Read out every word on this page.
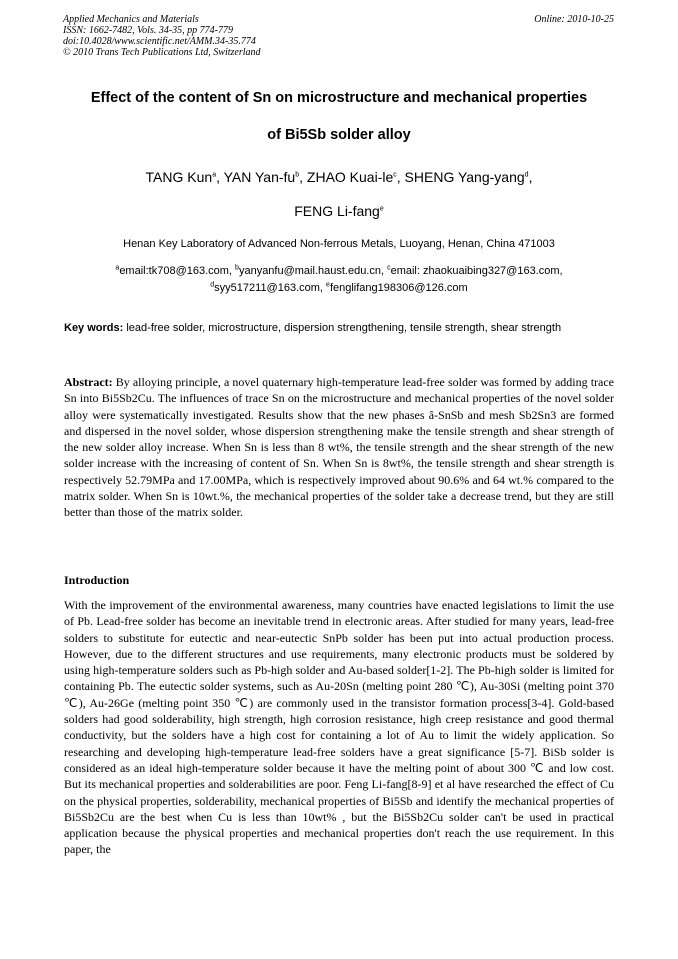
Applied Mechanics and Materials
ISSN: 1662-7482, Vols. 34-35, pp 774-779
doi:10.4028/www.scientific.net/AMM.34-35.774
© 2010 Trans Tech Publications Ltd, Switzerland
Online: 2010-10-25
Effect of the content of Sn on microstructure and mechanical properties
of Bi5Sb solder alloy
TANG Kun$^a$, YAN Yan-$fu^b$, ZHAO Kuai-$le^c$, SHENG Yang-yang$^d$,
FENG Li-fang$^e$
Henan Key Laboratory of Advanced Non-ferrous Metals, Luoyang, Henan, China 471003
$^a$email:tk708@163.com, $^b$yanyanfu@mail.haust.edu.cn, $^c$email: zhaokuaibing327@163.com,
$^d$syy517211@163.com, $^e$fenglifang198306@126.com
Key words: lead-free solder, microstructure, dispersion strengthening, tensile strength, shear strength
Abstract: By alloying principle, a novel quaternary high-temperature lead-free solder was formed by adding trace Sn into Bi5Sb2Cu. The influences of trace Sn on the microstructure and mechanical properties of the novel solder alloy were systematically investigated. Results show that the new phases â-SnSb and mesh Sb2Sn3 are formed and dispersed in the novel solder, whose dispersion strengthening make the tensile strength and shear strength of the new solder alloy increase. When Sn is less than 8 wt%, the tensile strength and the shear strength of the new solder increase with the increasing of content of Sn. When Sn is 8wt%, the tensile strength and shear strength is respectively 52.79MPa and 17.00MPa, which is respectively improved about 90.6% and 64 wt.% compared to the matrix solder. When Sn is 10wt.%, the mechanical properties of the solder take a decrease trend, but they are still better than those of the matrix solder.
Introduction
With the improvement of the environmental awareness, many countries have enacted legislations to limit the use of Pb. Lead-free solder has become an inevitable trend in electronic areas. After studied for many years, lead-free solders to substitute for eutectic and near-eutectic SnPb solder has been put into actual production process. However, due to the different structures and use requirements, many electronic products must be soldered by using high-temperature solders such as Pb-high solder and Au-based solder[1-2]. The Pb-high solder is limited for containing Pb. The eutectic solder systems, such as Au-20Sn (melting point 280 ℃), Au-30Si (melting point 370 ℃), Au-26Ge (melting point 350 ℃) are commonly used in the transistor formation process[3-4]. Gold-based solders had good solderability, high strength, high corrosion resistance, high creep resistance and good thermal conductivity, but the solders have a high cost for containing a lot of Au to limit the widely application. So researching and developing high-temperature lead-free solders have a great significance [5-7]. BiSb solder is considered as an ideal high-temperature solder because it have the melting point of about 300 ℃ and low cost. But its mechanical properties and solderabilities are poor. Feng Li-fang[8-9] et al have researched the effect of Cu on the physical properties, solderability, mechanical properties of Bi5Sb and identify the mechanical properties of Bi5Sb2Cu are the best when Cu is less than 10wt% , but the Bi5Sb2Cu solder can't be used in practical application because the physical properties and mechanical properties don't reach the use requirement. In this paper, the
